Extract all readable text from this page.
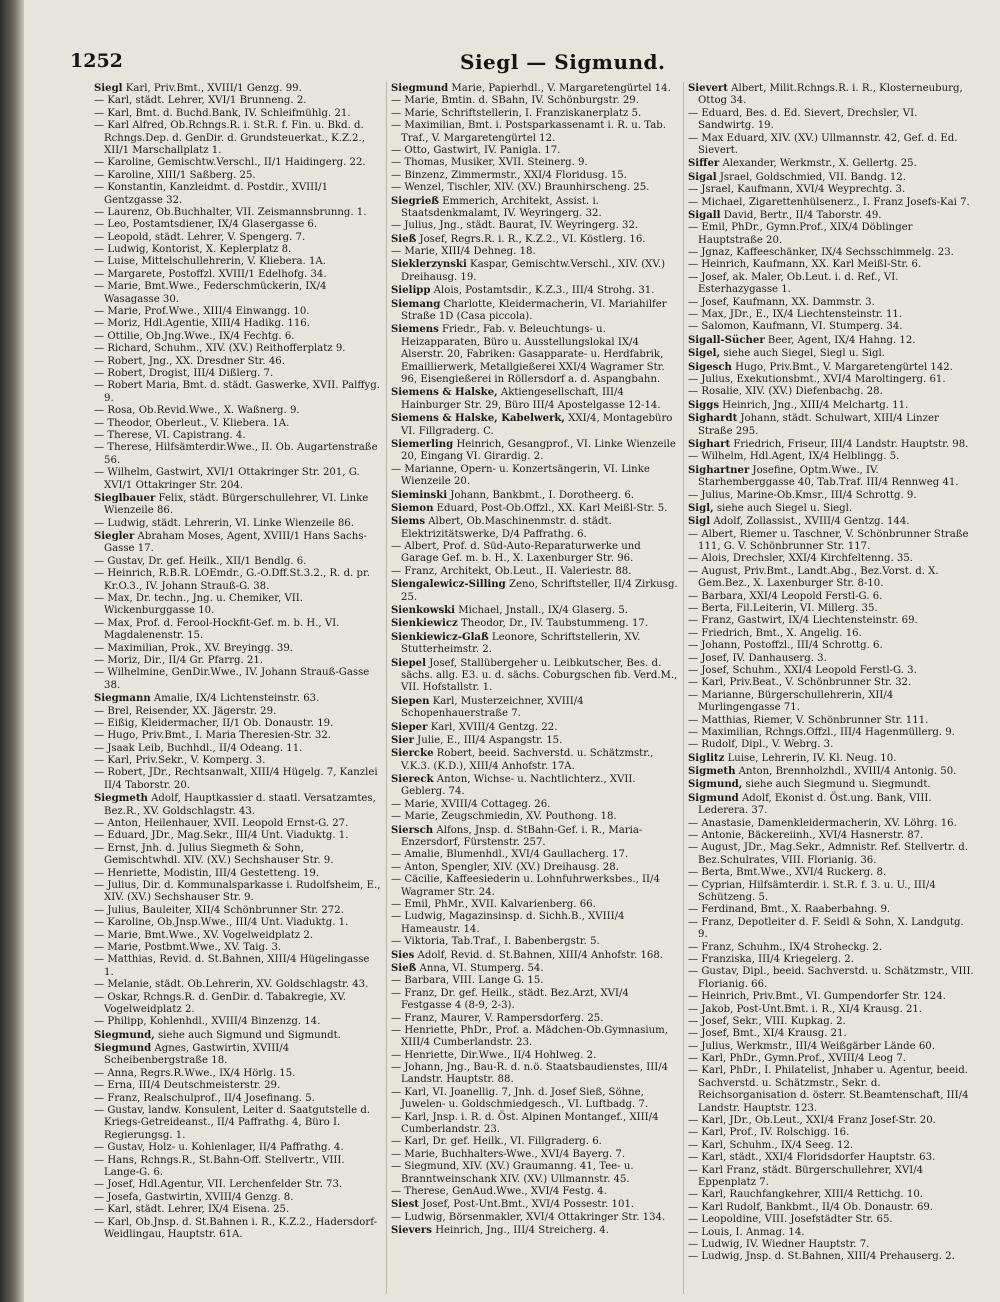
1252	Siegl — Sigmund.
Siegl Karl, Priv.Bmt., XVIII/1 Genzg. 99.
— Karl, städt. Lehrer, XVI/1 Brunneng. 2.
— Karl, Bmt. d. Buchd.Bank, IV. Schleifmühlg. 21.
— Karl Alfred, Ob.Rchngs.R. i. St.R. f. Fin. u. Bkd. d. Rchngs.Dep. d. GenDir. d. Grundsteuerkat., K.Z.2., XII/1 Marschallplatz 1.
— Karoline, Gemischtw.Verschl., II/1 Haidingerg. 22.
— Karoline, XIII/1 Saßberg. 25.
— Konstantin, Kanzleidmt. d. Postdir., XVIII/1 Gentzgasse 32.
— Laurenz, Ob.Buchhalter, VII. Zeismannsbrunng. 1.
— Leo, Postamtsdiener, IX/4 Glasergasse 6.
— Leopold, städt. Lehrer, V. Spengerg. 7.
— Ludwig, Kontorist, X. Keplerplatz 8.
— Luise, Mittelschullehrerin, V. Kliebera. 1A.
— Margarete, Postoffzl. XVIII/1 Edelhofg. 34.
— Marie, Bmt.Wwe., Federschmückerin, IX/4 Wasagasse 30.
— Marie, Prof.Wwe., XIII/4 Einwangg. 10.
— Moriz, Hdl.Agentie, XIII/4 Hadikg. 116.
— Ottilie, Ob.Jng.Wwe., IX/4 Fechtg. 6.
— Richard, Schuhm., XIV. (XV.) Reithofferplatz 9.
— Robert, Jng., XX. Dresdner Str. 46.
— Robert, Drogist, III/4 Dißlerg. 7.
— Robert Maria, Bmt. d. städt. Gaswerke, XVII. Palffyg. 9.
— Rosa, Ob.Revid.Wwe., X. Waßnerg. 9.
— Theodor, Oberleut., V. Kliebera. 1A.
— Therese, VI. Capistrang. 4.
— Therese, Hilfsämterdir.Wwe., II. Ob. Augartenstraße 56.
— Wilhelm, Gastwirt, XVI/1 Ottakringer Str. 201, G. XVI/1 Ottakringer Str. 204.
Sieglbauer Felix, städt. Bürgerschullehrer, VI. Linke Wienzeile 86.
— Ludwig, städt. Lehrerin, VI. Linke Wienzeile 86.
Siegler Abraham Moses, Agent, XVIII/1 Hans Sachs-Gasse 17.
— Gustav, Dr. gef. Heilk., XII/1 Bendlg. 6.
— Heinrich, R.B.R. LOEmdr., G.-O.Dff.St.3.2., R. d. pr. Kr.O.3., IV. Johann Strauß-G. 38.
— Max, Dr. techn., Jng. u. Chemiker, VII. Wickenburggasse 10.
— Max, Prof. d. Ferool-Hockfit-Gef. m. b. H., VI. Magdalenenstr. 15.
— Maximilian, Prok., XV. Breyingg. 39.
— Moriz, Dir., II/4 Gr. Pfarrg. 21.
— Wilhelmine, GenDir.Wwe., IV. Johann Strauß-Gasse 38.
Siegmann Amalie, IX/4 Lichtensteinstr. 63.
— Brel, Reisender, XX. Jägerstr. 29.
— Eißig, Kleidermacher, II/1 Ob. Donaustr. 19.
— Hugo, Priv.Bmt., I. Maria Theresien-Str. 32.
— Jsaak Leib, Buchhdl., II/4 Odeang. 11.
— Karl, Priv.Sekr., V. Komperg. 3.
— Robert, JDr., Rechtsanwalt, XIII/4 Hügelg. 7, Kanzlei II/4 Taborstr. 20.
Siegmeth Adolf, Hauptkassier d. staatl. Versatzamtes, Bez.R., XV. Goldschlagstr. 43.
— Anton, Heilenhauer, XVII. Leopold Ernst-G. 27.
— Eduard, JDr., Mag.Sekr., III/4 Unt. Viaduktg. 1.
— Ernst, Jnh. d. Julius Siegmeth & Sohn, Gemischtwhdl. XIV. (XV.) Sechshauser Str. 9.
— Henriette, Modistin, III/4 Gestetteng. 19.
— Julius, Dir. d. Kommunalsparkasse i. Rudolfsheim, E., XIV. (XV.) Sechshauser Str. 9.
— Julius, Bauleiter, XII/4 Schönbrunner Str. 272.
— Karoline, Ob.Jnsp.Wwe., III/4 Unt. Viaduktg. 1.
— Marie, Bmt.Wwe., XV. Vogelweidplatz 2.
— Marie, Postbmt.Wwe., XV. Taig. 3.
— Matthias, Revid. d. St.Bahnen, XIII/4 Hügelingasse 1.
— Melanie, städt. Ob.Lehrerin, XV. Goldschlagstr. 43.
— Oskar, Rchngs.R. d. GenDir. d. Tabakregie, XV. Vogelweidplatz 2.
— Philipp, Kohlenhdl., XVIII/4 Binzenzg. 14.
Siegmund, siehe auch Sigmund und Sigmundt.
Siegmund Agnes, Gastwirtin, XVIII/4 Scheibenbergstraße 18.
— Anna, Regrs.R.Wwe., IX/4 Hörlg. 15.
— Erna, III/4 Deutschmeisterstr. 29.
— Franz, Realschulprof., II/4 Josefinang. 5.
— Gustav, landw. Konsulent, Leiter d. Saatgutstelle d. Kriegs-Getreideanst., II/4 Paffrathg. 4, Büro I. Regierungsg. 1.
— Gustav, Holz- u. Kohlenlager, II/4 Paffrathg. 4.
— Hans, Rchngs.R., St.Bahn-Off. Stellvertr., VIII. Lange-G. 6.
— Josef, Hdl.Agentur, VII. Lerchenfelder Str. 73.
— Josefa, Gastwirtin, XVIII/4 Genzg. 8.
— Karl, städt. Lehrer, IX/4 Eisena. 25.
— Karl, Ob.Jnsp. d. St.Bahnen i. R., K.Z.2., Hadersdorf-Weidlingau, Hauptstr. 61A.
Siegmund Marie, Papierhdl., V. Margaretengürtel 14.
— Marie, Bmtin. d. SBahn, IV. Schönburgstr. 29.
— Marie, Schriftstellerin, I. Franziskanerplatz 5.
— Maximilian, Bmt. i. Postsparkassenamt i. R. u. Tab. Traf., V. Margaretengürtel 12.
— Otto, Gastwirt, IV. Panigla. 17.
— Thomas, Musiker, XVII. Steinerg. 9.
— Binzenz, Zimmermstr., XXI/4 Floridusg. 15.
— Wenzel, Tischler, XIV. (XV.) Braunhirscheng. 25.
Siegrieß Emmerich, Architekt, Assist. i. Staatsdenkmalamt, IV. Weyringerg. 32.
— Julius, Jng., städt. Baurat, IV. Weyringerg. 32.
Sieß Josef, Regrs.R. i. R., K.Z.2., VI. Köstlerg. 16.
— Marie, XIII/4 Dehneg. 18.
Sieklerzynski Kaspar, Gemischtw.Verschl., XIV. (XV.) Dreihausg. 19.
Sielipp Alois, Postamtsdir., K.Z.3., III/4 Strohg. 31.
Siemang Charlotte, Kleidermacherin, VI. Mariahilfer Straße 1D (Casa piccola).
Siemens Friedr., Fab. v. Beleuchtungs- u. Heizapparaten, Büro u. Ausstellungslokal IX/4 Alserstr. 20, Fabriken: Gasapparate- u. Herdfabrik, Emaillierwerk, Metallgießerei XXI/4 Wagramer Str. 96, Eisengießerei in Röllersdorf a. d. Aspangbahn.
Siemens & Halske, Aktiengesellschaft, III/4 Hainburger Str. 29, Büro III/4 Apostelgasse 12-14.
Siemens & Halske, Kabelwerk, XXI/4, Montagebüro VI. Fillgraderg. C.
Siemerling Heinrich, Gesangprof., VI. Linke Wienzeile 20, Eingang VI. Girardig. 2.
— Marianne, Opern- u. Konzertsängerin, VI. Linke Wienzeile 20.
Sieminski Johann, Bankbmt., I. Dorotheerg. 6.
Siemon Eduard, Post-Ob.Offzl., XX. Karl Meißl-Str. 5.
Siems Albert, Ob.Maschinenmstr. d. städt. Elektrizitätswerke, D/4 Paffrathg. 6.
— Albert, Prof. d. Süd-Auto-Reparaturwerke und Garage Gef. m. b. H., X. Laxenburger Str. 96.
— Franz, Architekt, Ob.Leut., II. Valeriestr. 88.
Siengalewicz-Silling Zeno, Schriftsteller, II/4 Zirkusg. 25.
Sienkowski Michael, Jnstall., IX/4 Glaserg. 5.
Sienkiewicz Theodor, Dr., IV. Taubstummeng. 17.
Sienkiewicz-Glaß Leonore, Schriftstellerin, XV. Stutterheimstr. 2.
Siepel Josef, Stallübergeher u. Leibkutscher, Bes. d. sächs. allg. E3. u. d. sächs. Coburgschen fib. Verd.M., VII. Hofstallstr. 1.
Siepen Karl, Musterzeichner, XVIII/4 Schopenhauerstraße 7.
Sieper Karl, XVIII/4 Gentzg. 22.
Sier Julie, E., III/4 Aspangstr. 15.
Siercke Robert, beeid. Sachverstd. u. Schätzmstr., V.K.3. (K.D.), XIII/4 Anhofstr. 17A.
Siereck Anton, Wichse- u. Nachtlichterz., XVII. Geblerg. 74.
— Marie, XVIII/4 Cottageg. 26.
— Marie, Zeugschmiedin, XV. Pouthong. 18.
Siersch Alfons, Jnsp. d. StBahn-Gef. i. R., Maria-Enzersdorf, Fürstenstr. 257.
— Amalie, Blumenhdl., XVI/4 Gaullacherg. 17.
— Anton, Spengler, XIV. (XV.) Dreihausg. 28.
— Cäcilie, Kaffeesiederin u. Lohnfuhrwerksbes., II/4 Wagramer Str. 24.
— Emil, PhMr., XVII. Kalvarienberg. 66.
— Ludwig, Magazinsinsp. d. Sichh.B., XVIII/4 Hameaustr. 14.
— Viktoria, Tab.Traf., I. Babenbergstr. 5.
Sies Adolf, Revid. d. St.Bahnen, XIII/4 Anhofstr. 168.
Sieß Anna, VI. Stumperg. 54.
— Barbara, VIII. Lange G. 15.
— Franz, Dr. gef. Heilk., städt. Bez.Arzt, XVI/4 Festgasse 4 (8-9, 2-3).
— Franz, Maurer, V. Rampersdorferg. 25.
— Henriette, PhDr., Prof. a. Mädchen-Ob.Gymnasium, XIII/4 Cumberlandstr. 23.
— Henriette, Dir.Wwe., II/4 Hohlweg. 2.
— Johann, Jng., Bau-R. d. n.ö. Staatsbaudienstes, III/4 Landstr. Hauptstr. 88.
— Karl, VI. Joanellig. 7, Jnh. d. Josef Sieß, Söhne, Juwelen- u. Goldschmiedgesch., VI. Luftbadg. 7.
— Karl, Jnsp. i. R. d. Öst. Alpinen Montangef., XIII/4 Cumberlandstr. 23.
— Karl, Dr. gef. Heilk., VI. Fillgraderg. 6.
— Marie, Buchhalters-Wwe., XVI/4 Bayerg. 7.
— Siegmund, XIV. (XV.) Graumanng. 41, Tee- u. Branntweinschank XIV. (XV.) Ullmannstr. 45.
— Therese, GenAud.Wwe., XVI/4 Festg. 4.
Siest Josef, Post-Unt.Bmt., XVI/4 Possestr. 101.
— Ludwig, Börsenmakler, XVI/4 Ottakringer Str. 134.
Sievers Heinrich, Jng., III/4 Streicherg. 4.
Sievert Albert, Milit.Rchngs.R. i. R., Klosterneuburg, Ottog 34.
— Eduard, Bes. d. Ed. Sievert, Drechsler, VI. Sandwirtg. 19.
— Max Eduard, XIV. (XV.) Ullmannstr. 42, Gef. d. Ed. Sievert.
Siffer Alexander, Werkmstr., X. Gellertg. 25.
Sigal Jsrael, Goldschmied, VII. Bandg. 12.
— Jsrael, Kaufmann, XVI/4 Weyprechtg. 3.
— Michael, Zigarettenhülsenerz., I. Franz Josefs-Kai 7.
Sigall David, Bertr., II/4 Taborstr. 49.
— Emil, PhDr., Gymn.Prof., XIX/4 Döblinger Hauptstraße 20.
— Jgnaz, Kaffeeschänker, IX/4 Sechsschimmelg. 23.
— Heinrich, Kaufmann, XX. Karl Meißl-Str. 6.
— Josef, ak. Maler, Ob.Leut. i. d. Ref., VI. Esterhazygasse 1.
— Josef, Kaufmann, XX. Dammstr. 3.
— Max, JDr., E., IX/4 Liechtensteinstr. 11.
— Salomon, Kaufmann, VI. Stumperg. 34.
Sigall-Sücher Beer, Agent, IX/4 Hahng. 12.
Sigel, siehe auch Siegel, Siegl u. Sigl.
Sigesch Hugo, Priv.Bmt., V. Margaretengürtel 142.
— Julius, Exekutionsbmt., XVI/4 Maroltingerg. 61.
— Rosalie, XIV. (XV.) Diefenbachg. 28.
Siggs Heinrich, Jng., XIII/4 Melchartg. 11.
Sighardt Johann, städt. Schulwart, XIII/4 Linzer Straße 295.
Sighart Friedrich, Friseur, III/4 Landstr. Hauptstr. 98.
— Wilhelm, Hdl.Agent, IX/4 Helblingg. 5.
Sighartner Josefine, Optm.Wwe., IV. Starhemberggasse 40, Tab.Traf. III/4 Rennweg 41.
— Julius, Marine-Ob.Kmsr., III/4 Schrottg. 9.
Sigl, siehe auch Siegel u. Siegl.
Sigl Adolf, Zollassist., XVIII/4 Gentzg. 144.
— Albert, Riemer u. Taschner, V. Schönbrunner Straße 111, G. V. Schönbrunner Str. 117.
— Alois, Drechsler, XXI/4 Kirchfeltenng. 35.
— August, Priv.Bmt., Landt.Abg., Bez.Vorst. d. X. Gem.Bez., X. Laxenburger Str. 8-10.
— Barbara, XXI/4 Leopold Ferstl-G. 6.
— Berta, Fil.Leiterin, VI. Millerg. 35.
— Franz, Gastwirt, IX/4 Liechtensteinstr. 69.
— Friedrich, Bmt., X. Angelig. 16.
— Johann, Postoffzl., III/4 Schrottg. 6.
— Josef, IV. Danhauserg. 3.
— Josef, Schuhm., XXI/4 Leopold Ferstl-G. 3.
— Karl, Priv.Beat., V. Schönbrunner Str. 32.
— Marianne, Bürgerschullehrerin, XII/4 Murlingengasse 71.
— Matthias, Riemer, V. Schönbrunner Str. 111.
— Maximilian, Rchngs.Offzl., III/4 Hagenmüllerg. 9.
— Rudolf, Dipl., V. Webrg. 3.
Siglitz Luise, Lehrerin, IV. Kl. Neug. 10.
Sigmeth Anton, Brennholzhdl., XVIII/4 Antonig. 50.
Sigmund, siehe auch Siegmund u. Siegmundt.
Sigmund Adolf, Ekonist d. Öst.ung. Bank, VIII. Lederera. 37.
— Anastasie, Damenkleidermacherin, XV. Löhrg. 16.
— Antonie, Bäckereiinh., XVI/4 Hasnerstr. 87.
— August, JDr., Mag.Sekr., Admnistr. Ref. Stellvertr. d. Bez.Schulrates, VIII. Florianig. 36.
— Berta, Bmt.Wwe., XVI/4 Ruckerg. 8.
— Cyprian, Hilfsämterdir. i. St.R. f. 3. u. U., III/4 Schützeng. 5.
— Ferdinand, Bmt., X. Raaberbahng. 9.
— Franz, Depotleiter d. F. Seidl & Sohn, X. Landgutg. 9.
— Franz, Schuhm., IX/4 Stroheckg. 2.
— Franziska, III/4 Kriegelerg. 2.
— Gustav, Dipl., beeid. Sachverstd. u. Schätzmstr., VIII. Florianig. 66.
— Heinrich, Priv.Bmt., VI. Gumpendorfer Str. 124.
— Jakob, Post-Unt.Bmt. i. R., XI/4 Krausg. 21.
— Josef, Sekr., VIII. Kupkag. 2.
— Josef, Bmt., XI/4 Krausg. 21.
— Julius, Werkmstr., III/4 Weißgärber Lände 60.
— Karl, PhDr., Gymn.Prof., XVIII/4 Leog 7.
— Karl, PhDr., I. Philatelist, Jnhaber u. Agentur, beeid. Sachverstd. u. Schätzmstr., Sekr. d. Reichsorganisation d. österr. St.Beamtenschaft, III/4 Landstr. Hauptstr. 123.
— Karl, JDr., Ob.Leut., XXI/4 Franz Josef-Str. 20.
— Karl, Prof., IV. Rolschigg. 16.
— Karl, Schuhm., IX/4 Seeg. 12.
— Karl, städt., XXI/4 Floridsdorfer Hauptstr. 63.
— Karl Franz, städt. Bürgerschullehrer, XVI/4 Eppenplatz 7.
— Karl, Rauchfangkehrer, XIII/4 Rettichg. 10.
— Karl Rudolf, Bankbmt., II/4 Ob. Donaustr. 69.
— Leopoldine, VIII. Josefstädter Str. 65.
— Louis, I. Anmag. 14.
— Ludwig, IV. Wiedner Hauptstr. 7.
— Ludwig, Jnsp. d. St.Bahnen, XIII/4 Prehauserg. 2.
